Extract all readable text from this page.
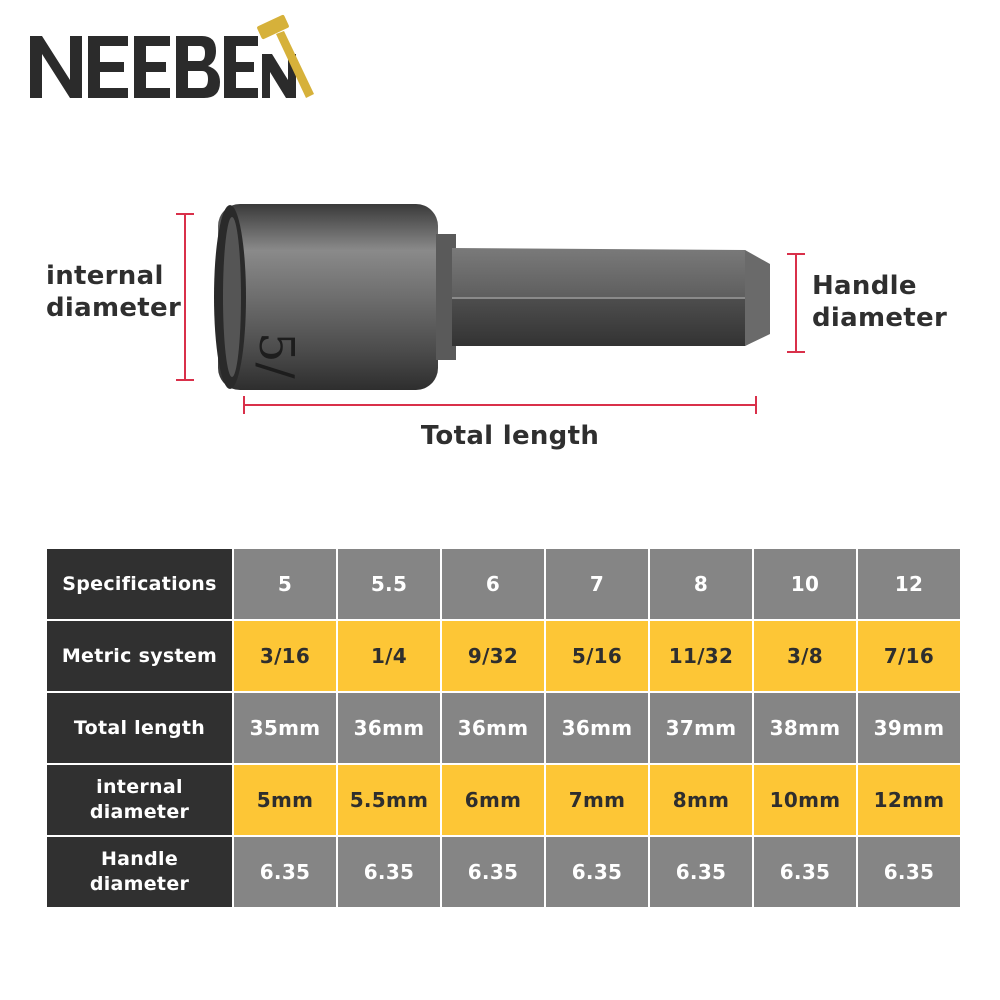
5/
internal
diameter
Handle
diameter
Total length
Specifications	5	5.5	6	7	8	10	12

Metric system	3/16	1/4	9/32	5/16	11/32	3/8	7/16

Total length	35mm	36mm	36mm	36mm	37mm	38mm	39mm

internal
diameter	5mm	5.5mm	6mm	7mm	8mm	10mm	12mm

Handle
diameter	6.35	6.35	6.35	6.35	6.35	6.35	6.35
